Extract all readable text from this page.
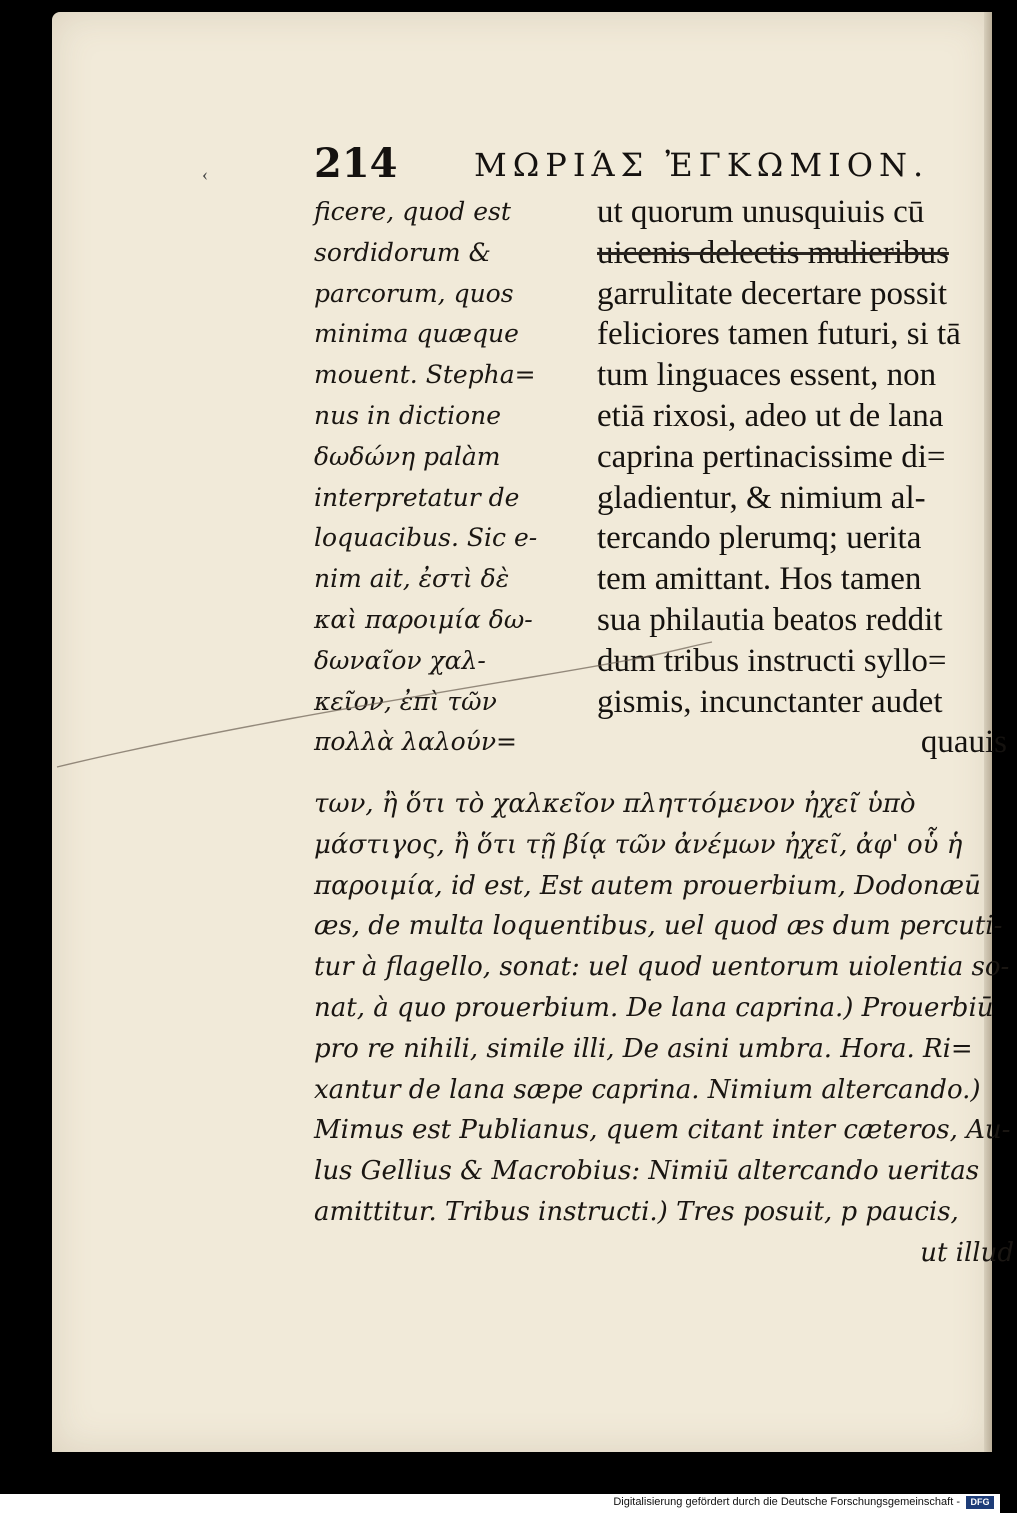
‹	214 ΜΩΡΙΆΣ ἘΓΚΩΜΙΟΝ.
ficere, quod est
sordidorum &
parcorum, quos
minima quæque
mouent. Stepha=
nus in dictione
δωδώνη palàm
interpretatur de
loquacibus. Sic e-
nim ait, ἐστὶ δὲ
καὶ παροιμία δω-
δωναῖον χαλ-
κεῖον, ἐπὶ τῶν
πολλὰ λαλούν=
ut quorum unusquiuis cū
uicenis delectis mulieribus
garrulitate decertare possit
feliciores tamen futuri, si tā
tum linguaces essent, non
etiā rixosi, adeo ut de lana
caprina pertinacissime di=
gladientur, & nimium al-
tercando plerumq; uerita
tem amittant. Hos tamen
sua philautia beatos reddit
dum tribus instructi syllo=
gismis, incunctanter audet
quauis
των, ἢ ὅτι τὸ χαλκεῖον πληττόμενον ἠχεῖ ὑπὸ
μάστιγος, ἢ ὅτι τῇ βίᾳ τῶν ἀνέμων ἠχεῖ, ἀφ' οὗ ἡ
παροιμία, id est, Est autem prouerbium, Dodonæū
æs, de multa loquentibus, uel quod æs dum percuti-
tur à flagello, sonat: uel quod uentorum uiolentia so-
nat, à quo prouerbium. De lana caprina.) Prouerbiū
pro re nihili, simile illi, De asini umbra. Hora. Ri=
xantur de lana sæpe caprina. Nimium altercando.)
Mimus est Publianus, quem citant inter cæteros, Au-
lus Gellius & Macrobius: Nimiū altercando ueritas
amittitur. Tribus instructi.) Tres posuit, p paucis,
ut illud
Digitalisierung gefördert durch die Deutsche Forschungsgemeinschaft -	DFG
